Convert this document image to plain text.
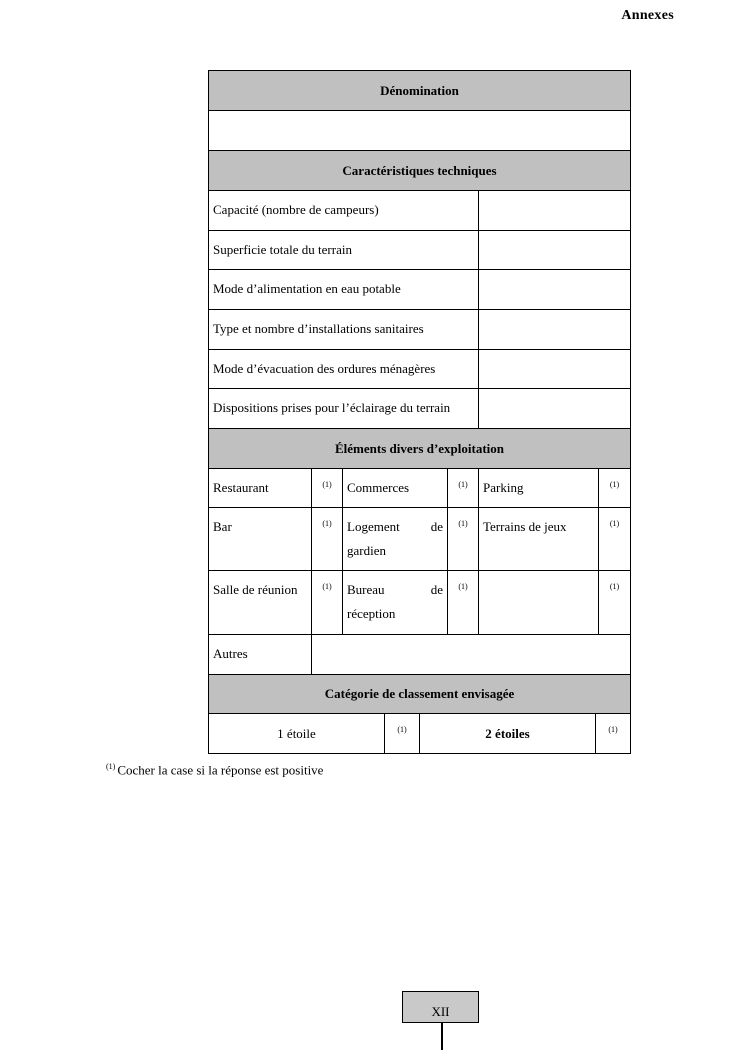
Annexes
Dénomination					

Caractéristiques techniques					
Capacité (nombre de campeurs)					
Superficie totale du terrain					
Mode d’alimentation en eau potable					
Type et nombre d’installations sanitaires					
Mode d’évacuation des ordures ménagères					
Dispositions prises pour l’éclairage du terrain					
Éléments divers d’exploitation					
Restaurant	(1)	Commerces	(1)	Parking	(1)
Bar	(1)	Logement de gardien	(1)	Terrains de jeux	(1)
Salle de réunion	(1)	Bureau de réception	(1)		(1)
Autres					
Catégorie de classement envisagée					
1 étoile	(1)	2 étoiles	(1)
$^{(1)}$ Cocher la case si la réponse est positive
XII
